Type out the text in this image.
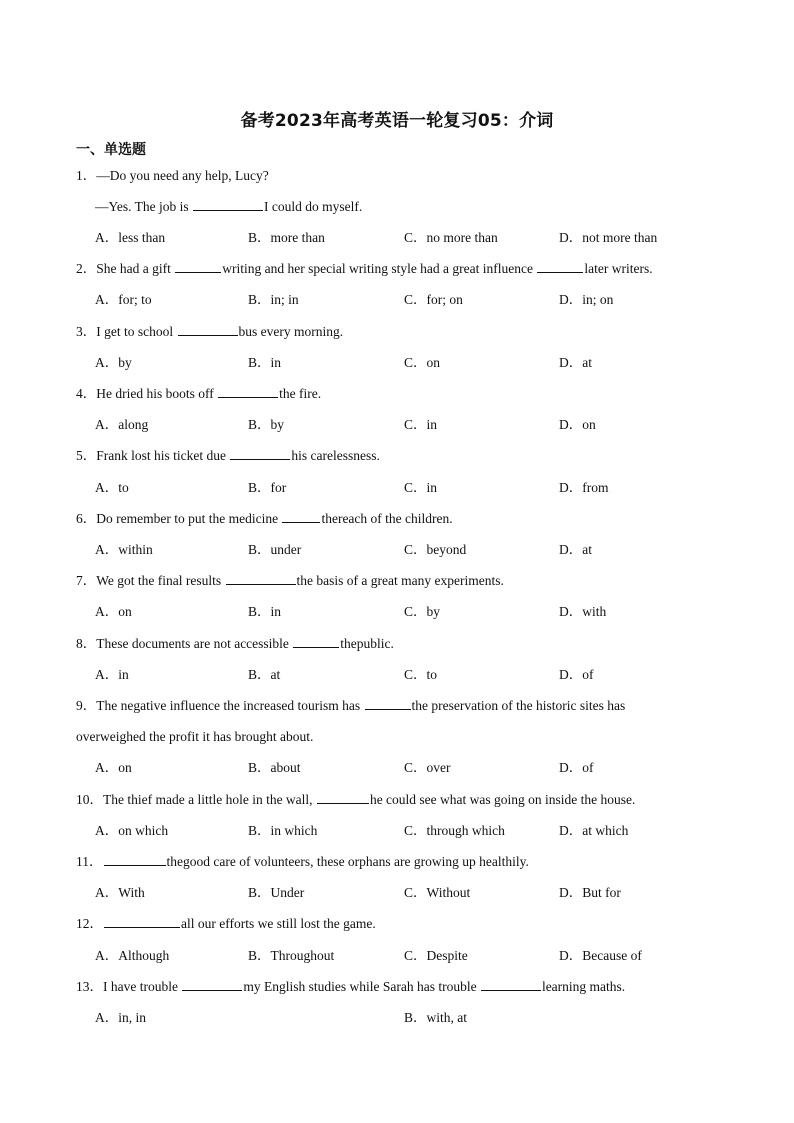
备考2023年高考英语一轮复习05：介词
一、单选题
1．—Do you need any help, Lucy?
—Yes. The job is	I could do myself.
A．less than	B．more than	C．no more than	D．not more than
2．She had a gift	writing and her special writing style had a great influence	later writers.
A．for; to	B．in; in	C．for; on	D．in; on
3．I get to school	bus every morning.
A．by	B．in	C．on	D．at
4．He dried his boots off	the fire.
A．along	B．by	C．in	D．on
5．Frank lost his ticket due	his carelessness.
A．to	B．for	C．in	D．from
6．Do remember to put the medicine	thereach of the children.
A．within	B．under	C．beyond	D．at
7．We got the final results	the basis of a great many experiments.
A．on	B．in	C．by	D．with
8．These documents are not accessible	thepublic.
A．in	B．at	C．to	D．of
9．The negative influence the increased tourism has	the preservation of the historic sites has
overweighed the profit it has brought about.
A．on	B．about	C．over	D．of
10．The thief made a little hole in the wall,	he could see what was going on inside the house.
A．on which	B．in which	C．through which	D．at which
11．	thegood care of volunteers, these orphans are growing up healthily.
A．With	B．Under	C．Without	D．But for
12．	all our efforts we still lost the game.
A．Although	B．Throughout	C．Despite	D．Because of
13．I have trouble	my English studies while Sarah has trouble	learning maths.
A．in, in	B．with, at
